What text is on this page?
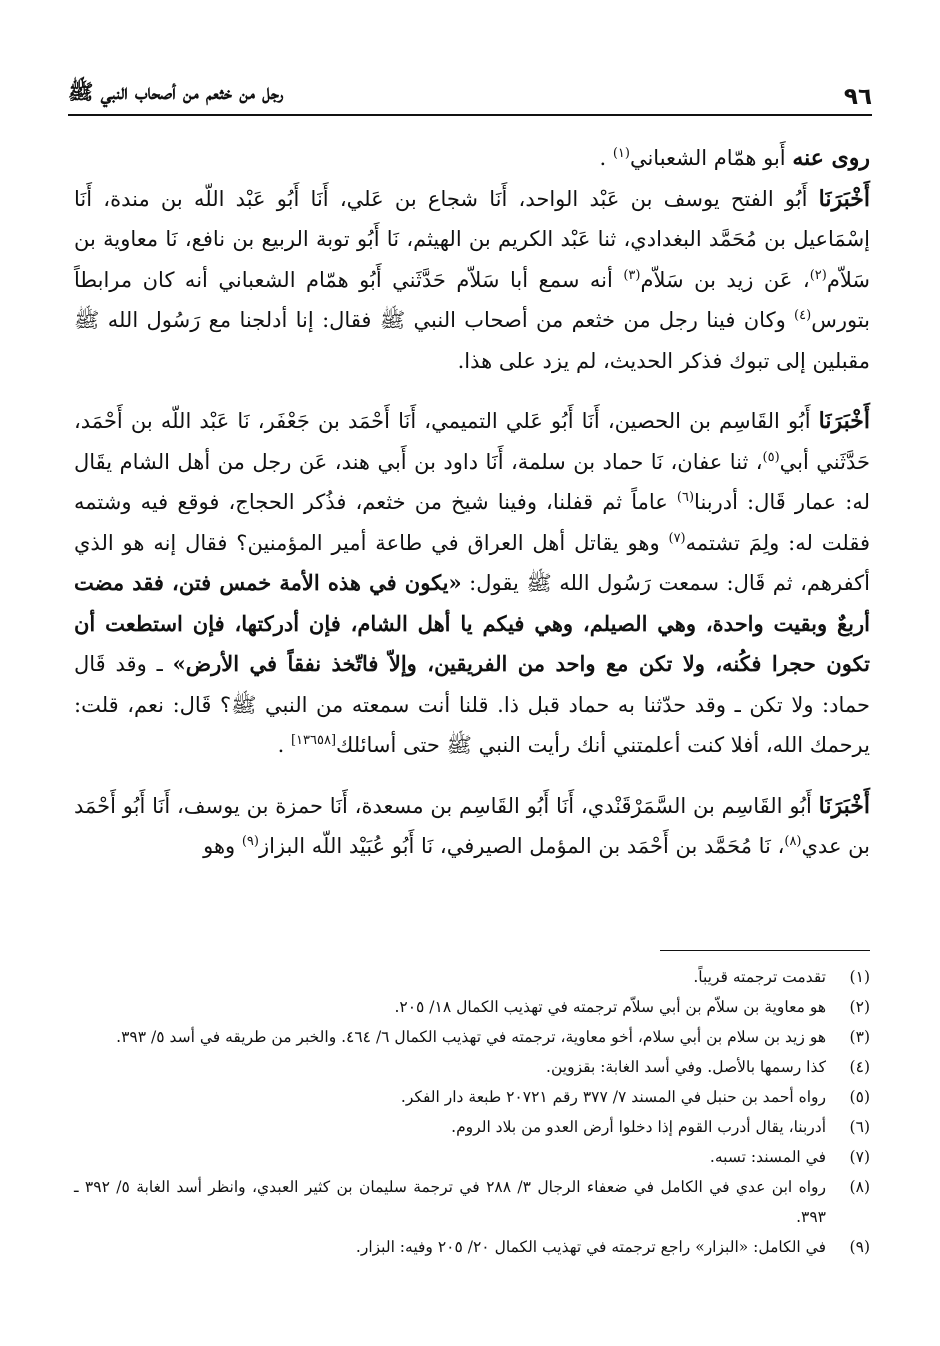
٩٦
رجل من خثعم من أصحاب النبي ﷺ

روى عنه أَبو همّام الشعباني$^{(١)}$ .

أَخْبَرَنَا أَبُو الفتح يوسف بن عَبْد الواحد، أَنَا شجاع بن عَلي، أَنَا أَبُو عَبْد اللّه بن مندة، أَنَا إسْمَاعيل بن مُحَمَّد البغدادي، ثنا عَبْد الكريم بن الهيثم، نَا أَبُو توبة الربيع بن نافع، نَا معاوية بن سَلاّم$^{(٢)}$، عَن زيد بن سَلاّم$^{(٣)}$ أنه سمع أبا سَلاّم حَدَّثَني أَبُو همّام الشعباني أنه كان مرابطاً بتورس$^{(٤)}$ وكان فينا رجل من خثعم من أصحاب النبي ﷺ فقال: إنا أدلجنا مع رَسُول الله ﷺ مقبلين إلى تبوك فذكر الحديث، لم يزد على هذا.

أَخْبَرَنَا أَبُو القَاسِم بن الحصين، أَنَا أَبُو عَلي التميمي، أَنَا أَحْمَد بن جَعْفَر، نَا عَبْد اللّه بن أَحْمَد، حَدَّثَني أبي$^{(٥)}$، ثنا عفان، نَا حماد بن سلمة، أَنَا داود بن أَبي هند، عَن رجل من أهل الشام يقَال له: عمار قَال: أدربنا$^{(٦)}$ عاماً ثم قفلنا، وفينا شيخ من خثعم، فذُكر الحجاج، فوقع فيه وشتمه فقلت له: ولِمَ تشتمه$^{(٧)}$ وهو يقاتل أهل العراق في طاعة أمير المؤمنين؟ فقال إنه هو الذي أكفرهم، ثم قَال: سمعت رَسُول الله ﷺ يقول: «يكون في هذه الأمة خمس فتن، فقد مضت أربعٌ وبقيت واحدة، وهي الصيلم، وهي فيكم يا أهل الشام، فإن أدركتها، فإن استطعت أن تكون حجرا فكُنه، ولا تكن مع واحد من الفريقين، وإلاّ فاتّخذ نفقاً في الأرض» ـ وقد قَال حماد: ولا تكن ـ وقد حدّثنا به حماد قبل ذا. قلنا أنت سمعته من النبي ﷺ؟ قَال: نعم، قلت: يرحمك الله، أفلا كنت أعلمتني أنك رأيت النبي ﷺ حتى أسائلك[١٣٦٥٨] .

أَخْبَرَنَا أَبُو القَاسِم بن السَّمَرْقَنْدي، أَنَا أَبُو القَاسِم بن مسعدة، أَنَا حمزة بن يوسف، أَنَا أَبُو أَحْمَد بن عدي$^{(٨)}$، نَا مُحَمَّد بن أَحْمَد بن المؤمل الصيرفي، نَا أَبُو عُبَيْد اللّه البزاز$^{(٩)}$ وهو

(١)
تقدمت ترجمته قريباً.
(٢)
هو معاوية بن سلاّم بن أبي سلاّم ترجمته في تهذيب الكمال ١٨/ ٢٠٥.
(٣)
هو زيد بن سلام بن أبي سلام، أخو معاوية، ترجمته في تهذيب الكمال ٦/ ٤٦٤. والخبر من طريقه في أسد ٥/ ٣٩٣.
(٤)
كذا رسمها بالأصل. وفي أسد الغابة: بقزوين.
(٥)
رواه أحمد بن حنبل في المسند ٧/ ٣٧٧ رقم ٢٠٧٢١ طبعة دار الفكر.
(٦)
أدربنا، يقال أدرب القوم إذا دخلوا أرض العدو من بلاد الروم.
(٧)
في المسند: تسبه.
(٨)
رواه ابن عدي في الكامل في ضعفاء الرجال ٣/ ٢٨٨ في ترجمة سليمان بن كثير العبدي، وانظر أسد الغابة ٥/ ٣٩٢ ـ ٣٩٣.
(٩)
في الكامل: «البزار» راجع ترجمته في تهذيب الكمال ٢٠/ ٢٠٥ وفيه: البزار.
